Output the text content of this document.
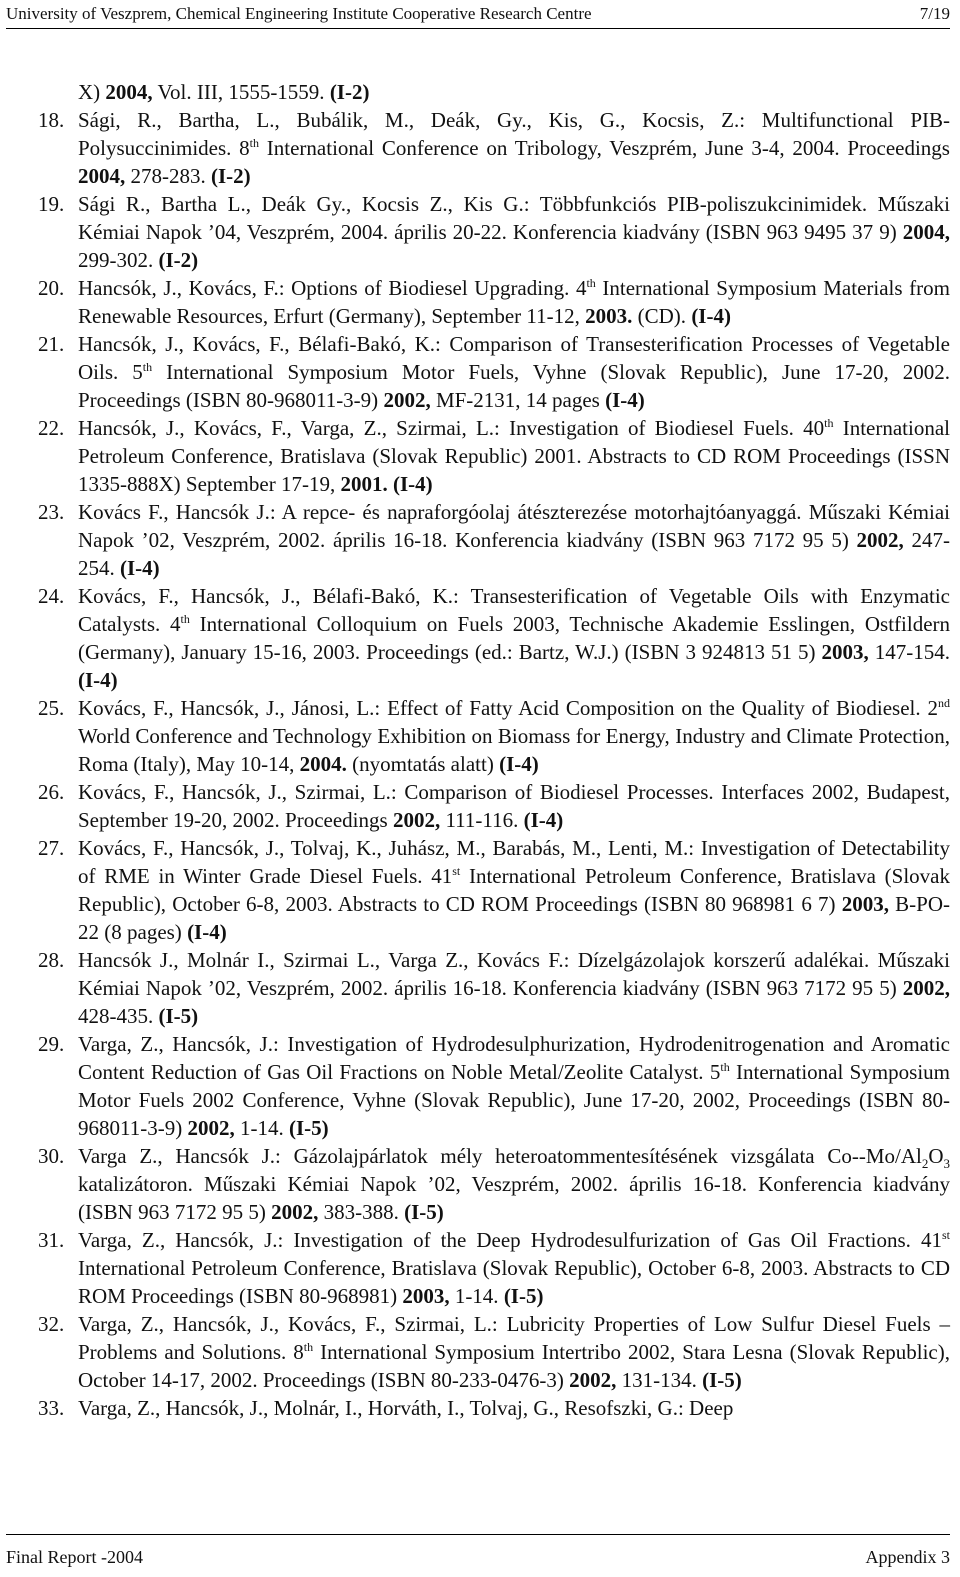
University of Veszprem, Chemical Engineering Institute Cooperative Research Centre	7/19
X) 2004, Vol. III, 1555-1559. (I-2)
18. Sági, R., Bartha, L., Bubálik, M., Deák, Gy., Kis, G., Kocsis, Z.: Multifunctional PIB-Polysuccinimides. 8th International Conference on Tribology, Veszprém, June 3-4, 2004. Proceedings 2004, 278-283. (I-2)
19. Sági R., Bartha L., Deák Gy., Kocsis Z., Kis G.: Többfunkciós PIB-poliszukcinimidek. Műszaki Kémiai Napok ’04, Veszprém, 2004. április 20-22. Konferencia kiadvány (ISBN 963 9495 37 9) 2004, 299-302. (I-2)
20. Hancsók, J., Kovács, F.: Options of Biodiesel Upgrading. 4th International Symposium Materials from Renewable Resources, Erfurt (Germany), September 11-12, 2003. (CD). (I-4)
21. Hancsók, J., Kovács, F., Bélafi-Bakó, K.: Comparison of Transesterification Processes of Vegetable Oils. 5th International Symposium Motor Fuels, Vyhne (Slovak Republic), June 17-20, 2002. Proceedings (ISBN 80-968011-3-9) 2002, MF-2131, 14 pages (I-4)
22. Hancsók, J., Kovács, F., Varga, Z., Szirmai, L.: Investigation of Biodiesel Fuels. 40th International Petroleum Conference, Bratislava (Slovak Republic) 2001. Abstracts to CD ROM Proceedings (ISSN 1335-888X) September 17-19, 2001. (I-4)
23. Kovács F., Hancsók J.: A repce- és napraforgóolaj átészterezése motorhajtóanyaggá. Műszaki Kémiai Napok ’02, Veszprém, 2002. április 16-18. Konferencia kiadvány (ISBN 963 7172 95 5) 2002, 247-254. (I-4)
24. Kovács, F., Hancsók, J., Bélafi-Bakó, K.: Transesterification of Vegetable Oils with Enzymatic Catalysts. 4th International Colloquium on Fuels 2003, Technische Akademie Esslingen, Ostfildern (Germany), January 15-16, 2003. Proceedings (ed.: Bartz, W.J.) (ISBN 3 924813 51 5) 2003, 147-154. (I-4)
25. Kovács, F., Hancsók, J., Jánosi, L.: Effect of Fatty Acid Composition on the Quality of Biodiesel. 2nd World Conference and Technology Exhibition on Biomass for Energy, Industry and Climate Protection, Roma (Italy), May 10-14, 2004. (nyomtatás alatt) (I-4)
26. Kovács, F., Hancsók, J., Szirmai, L.: Comparison of Biodiesel Processes. Interfaces 2002, Budapest, September 19-20, 2002. Proceedings 2002, 111-116. (I-4)
27. Kovács, F., Hancsók, J., Tolvaj, K., Juhász, M., Barabás, M., Lenti, M.: Investigation of Detectability of RME in Winter Grade Diesel Fuels. 41st International Petroleum Conference, Bratislava (Slovak Republic), October 6-8, 2003. Abstracts to CD ROM Proceedings (ISBN 80 968981 6 7) 2003, B-PO-22 (8 pages) (I-4)
28. Hancsók J., Molnár I., Szirmai L., Varga Z., Kovács F.: Dízelgázolajok korszerű adalékai. Műszaki Kémiai Napok ’02, Veszprém, 2002. április 16-18. Konferencia kiadvány (ISBN 963 7172 95 5) 2002, 428-435. (I-5)
29. Varga, Z., Hancsók, J.: Investigation of Hydrodesulphurization, Hydrodenitrogenation and Aromatic Content Reduction of Gas Oil Fractions on Noble Metal/Zeolite Catalyst. 5th International Symposium Motor Fuels 2002 Conference, Vyhne (Slovak Republic), June 17-20, 2002, Proceedings (ISBN 80-968011-3-9) 2002, 1-14. (I-5)
30. Varga Z., Hancsók J.: Gázolajpárlatok mély heteroatommentesítésének vizsgálata $Co--Mo/Al_2O_3$ katalizátoron. Műszaki Kémiai Napok ’02, Veszprém, 2002. április 16-18. Konferencia kiadvány (ISBN 963 7172 95 5) 2002, 383-388. (I-5)
31. Varga, Z., Hancsók, J.: Investigation of the Deep Hydrodesulfurization of Gas Oil Fractions. 41st International Petroleum Conference, Bratislava (Slovak Republic), October 6-8, 2003. Abstracts to CD ROM Proceedings (ISBN 80-968981) 2003, 1-14. (I-5)
32. Varga, Z., Hancsók, J., Kovács, F., Szirmai, L.: Lubricity Properties of Low Sulfur Diesel Fuels – Problems and Solutions. 8th International Symposium Intertribo 2002, Stara Lesna (Slovak Republic), October 14-17, 2002. Proceedings (ISBN 80-233-0476-3) 2002, 131-134. (I-5)
33. Varga, Z., Hancsók, J., Molnár, I., Horváth, I., Tolvaj, G., Resofszki, G.: Deep
Final Report -2004	Appendix 3
